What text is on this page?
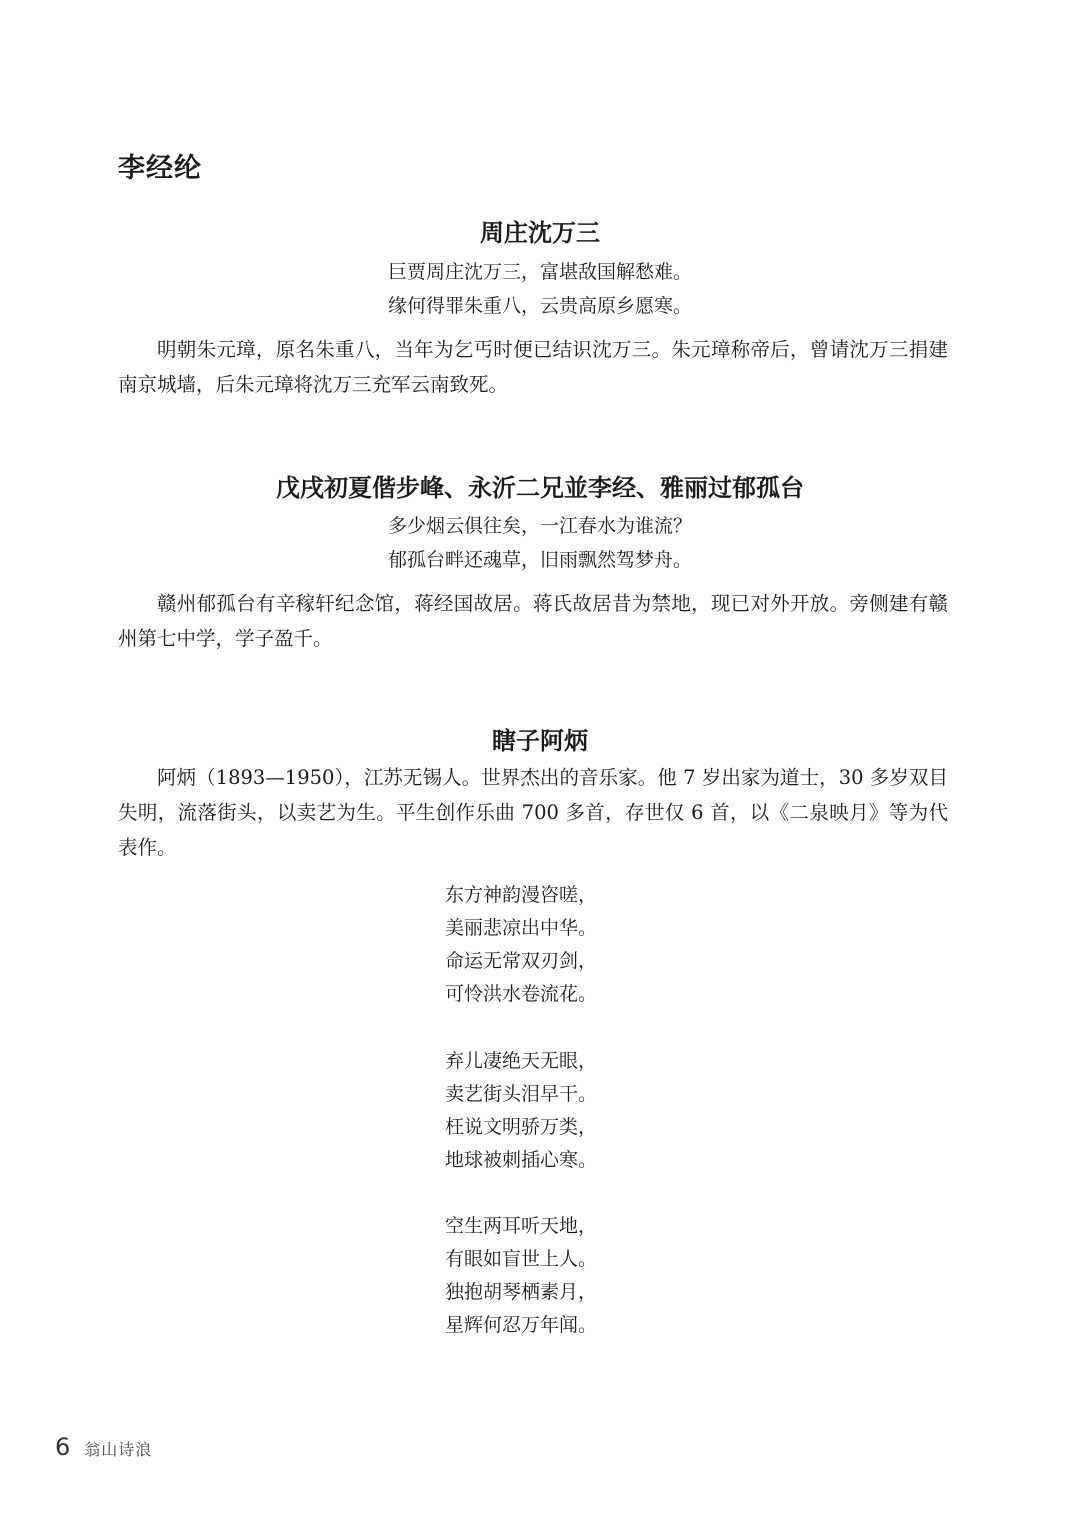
李经纶
周庄沈万三
巨贾周庄沈万三，富堪敌国解愁难。
缘何得罪朱重八，云贵高原乡愿寒。
明朝朱元璋，原名朱重八，当年为乞丐时便已结识沈万三。朱元璋称帝后，曾请沈万三捐建南京城墙，后朱元璋将沈万三充军云南致死。
戊戌初夏偕步峰、永沂二兄並李经、雅丽过郁孤台
多少烟云俱往矣，一江春水为谁流？
郁孤台畔还魂草，旧雨飘然驾梦舟。
赣州郁孤台有辛稼轩纪念馆，蒋经国故居。蒋氏故居昔为禁地，现已对外开放。旁侧建有赣州第七中学，学子盈千。
瞎子阿炳
阿炳（1893—1950），江苏无锡人。世界杰出的音乐家。他 7 岁出家为道士，30 多岁双目失明，流落街头，以卖艺为生。平生创作乐曲 700 多首，存世仅 6 首，以《二泉映月》等为代表作。
东方神韵漫咨嗟，
美丽悲凉出中华。
命运无常双刃剑，
可怜洪水卷流花。
弃儿凄绝天无眼，
卖艺街头泪早干。
枉说文明骄万类，
地球被刺插心寒。
空生两耳听天地，
有眼如盲世上人。
独抱胡琴栖素月，
星辉何忍万年闻。
6 翁山诗浪
